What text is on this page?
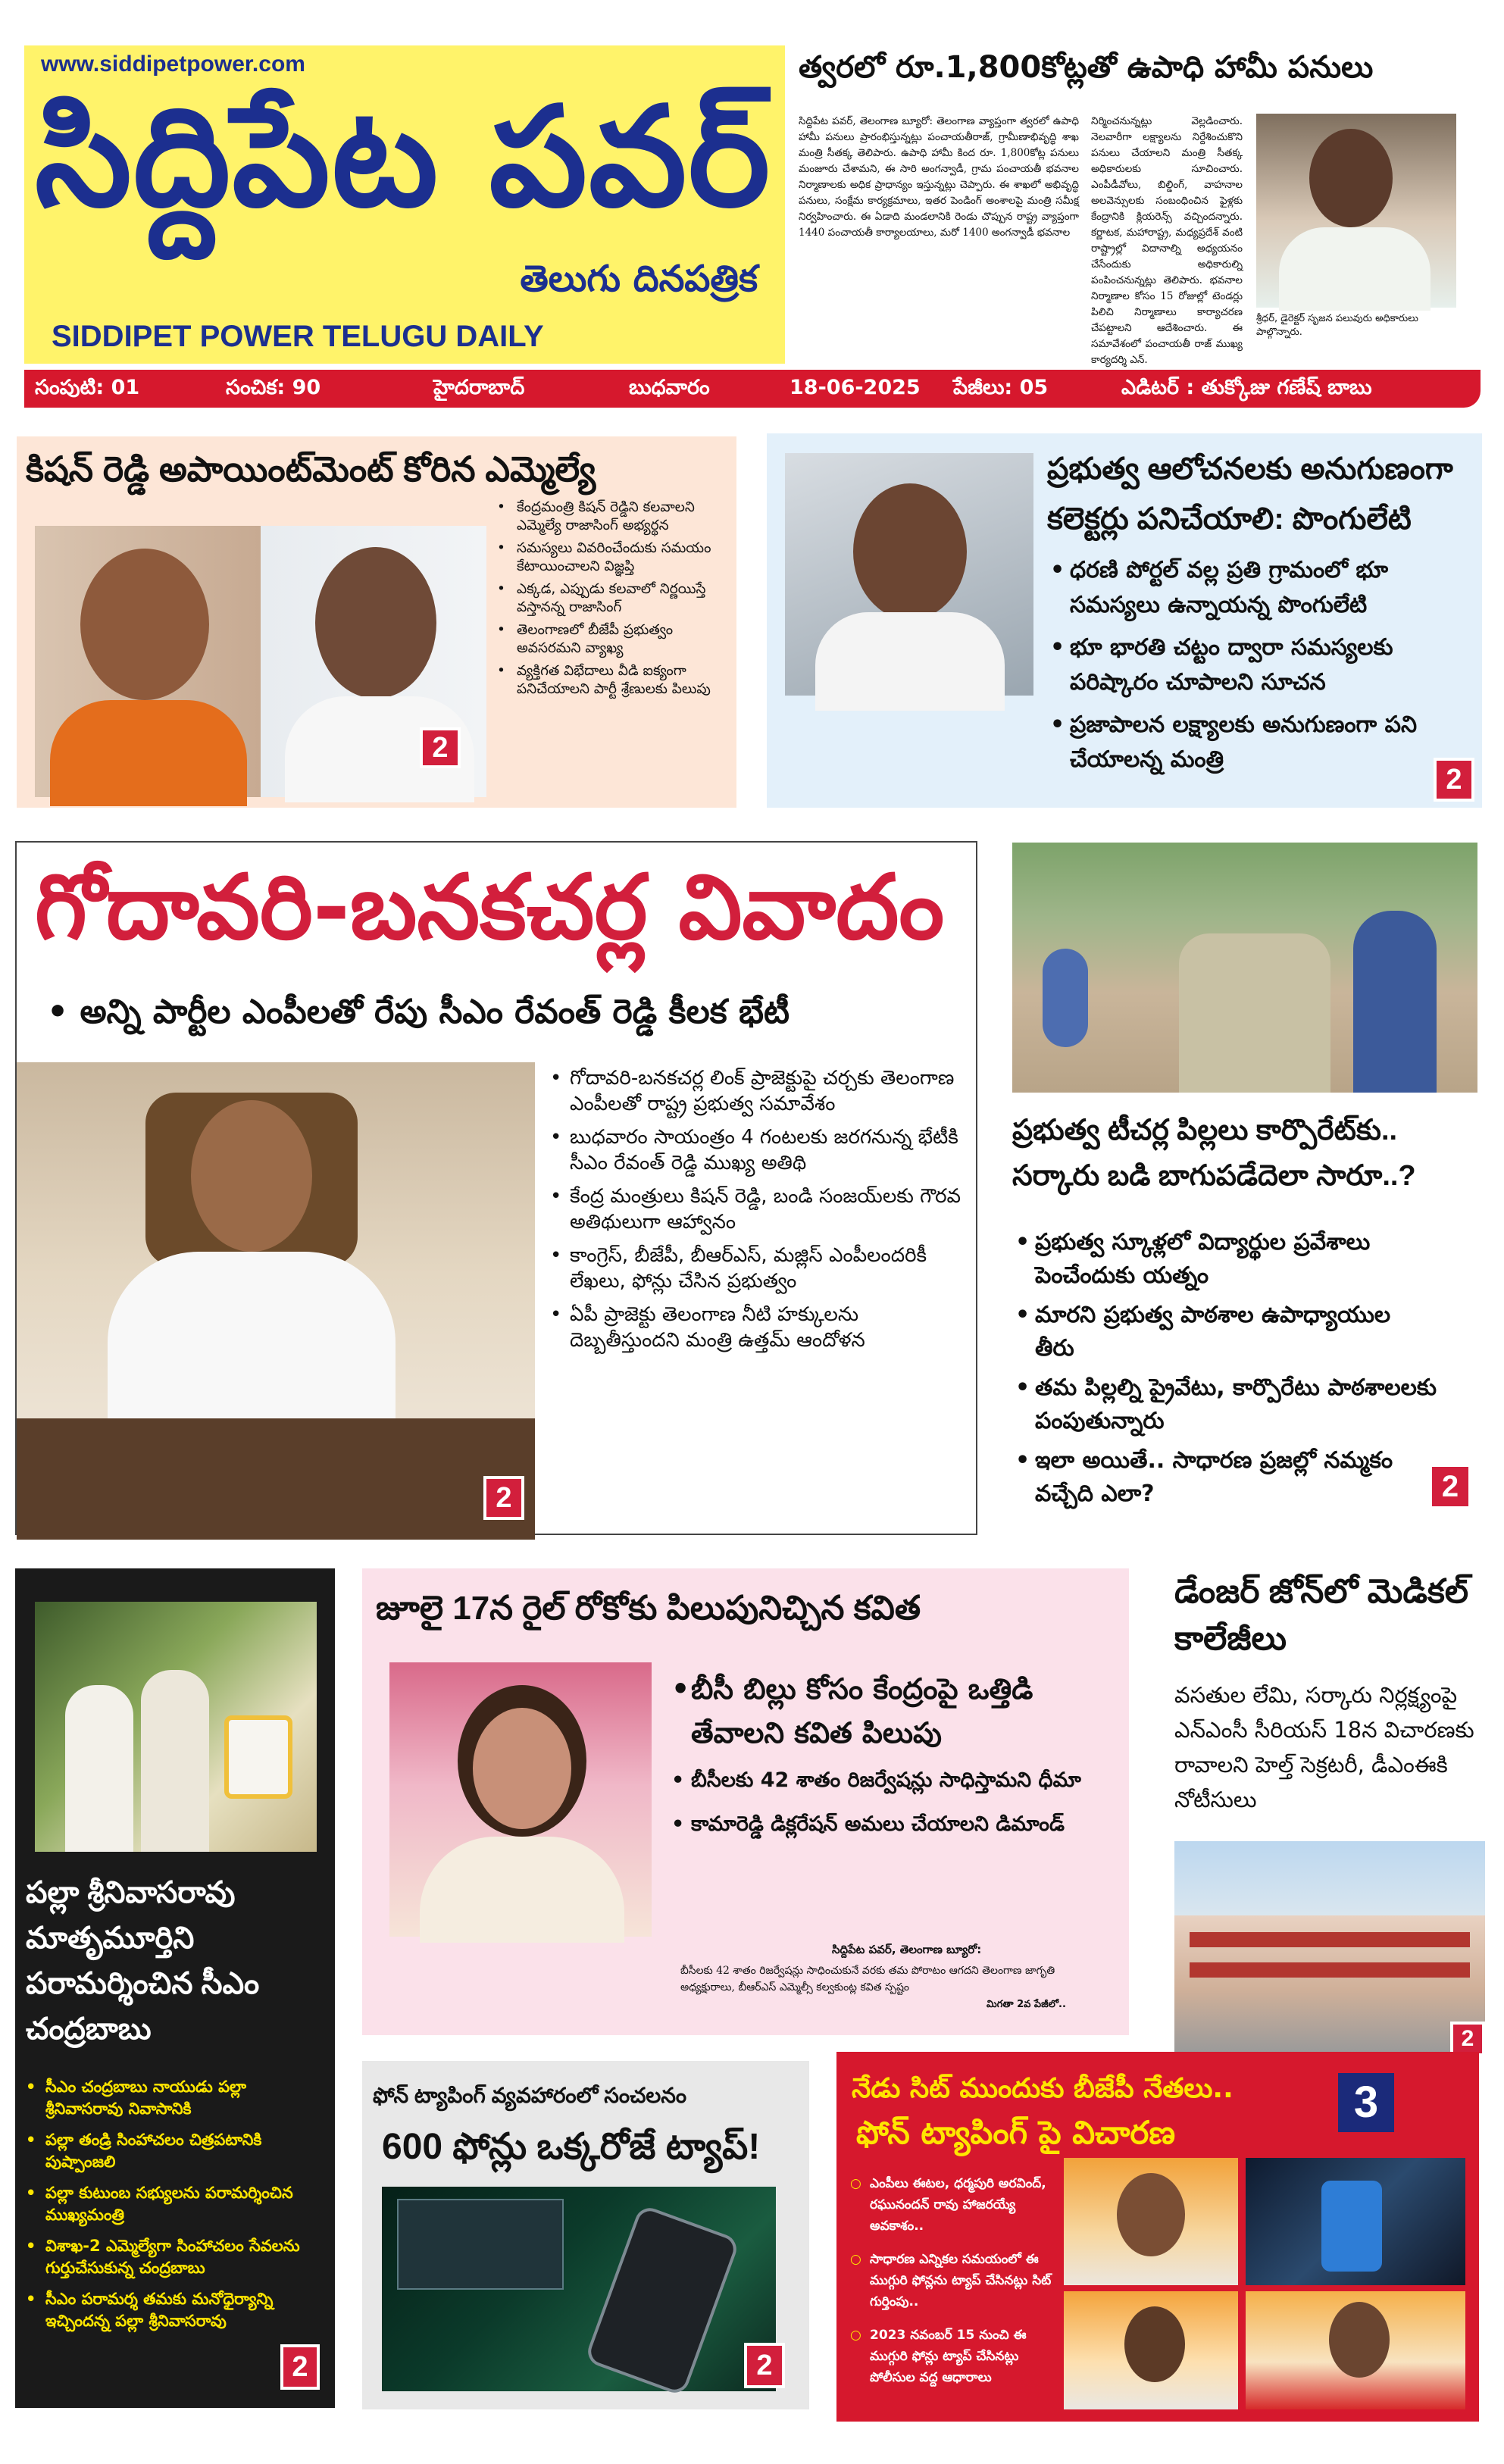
www.siddipetpower.com
సిద్దిపేట పవర్
తెలుగు దినపత్రిక
SIDDIPET POWER TELUGU DAILY
త్వరలో రూ.1,800కోట్లతో ఉపాధి హామీ పనులు
సిద్దిపేట పవర్, తెలంగాణ బ్యూరో: తెలంగాణ వ్యాప్తంగా త్వరలో ఉపాధి హామీ పనులు ప్రారంభిస్తున్నట్లు పంచాయతీరాజ్, గ్రామీణాభివృద్ధి శాఖ మంత్రి సీతక్క తెలిపారు. ఉపాధి హామీ కింద రూ. 1,800కోట్ల పనులు మంజూరు చేశామని, ఈ సారి అంగన్వాడీ, గ్రామ పంచాయతీ భవనాల నిర్మాణాలకు అధిక ప్రాధాన్యం ఇస్తున్నట్లు చెప్పారు. ఈ శాఖలో అభివృద్ధి పనులు, సంక్షేమ కార్యక్రమాలు, ఇతర పెండింగ్ అంశాలపై మంత్రి సమీక్ష నిర్వహించారు. ఈ ఏడాది మండలానికి రెండు చొప్పున రాష్ట్ర వ్యాప్తంగా 1440 పంచాయతీ కార్యాలయాలు, మరో 1400 అంగన్వాడీ భవనాల
నిర్మించనున్నట్లు వెల్లడించారు. నెలవారీగా లక్ష్యాలను నిర్దేశించుకొని పనులు చేయాలని మంత్రి సీతక్క అధికారులకు సూచించారు. ఎంపీడీవోలు, బిల్డింగ్, వాహనాల అలవెన్సులకు సంబంధించిన ఫైళ్లకు కేంద్రానికి క్లియరెన్స్ వచ్చిందన్నారు. కర్ణాటక, మహారాష్ట్ర, మధ్యప్రదేశ్ వంటి రాష్ట్రాల్లో విదానాల్ని అధ్యయనం చేసేందుకు అధికారుల్ని పంపించనున్నట్లు తెలిపారు. భవనాల నిర్మాణాల కోసం 15 రోజుల్లో టెండర్లు పిలిచి నిర్మాణాలు కార్యాచరణ చేపట్టాలని ఆదేశించారు. ఈ సమావేశంలో పంచాయతీ రాజ్ ముఖ్య కార్యదర్శి ఎన్.
శ్రీధర్, డైరెక్టర్ సృజన పలువురు అధికారులు పాల్గొన్నారు.
సంపుటి: 01	సంచిక: 90	హైదరాబాద్	బుధవారం	18-06-2025 పేజీలు: 05	ఎడిటర్ : తుక్కోజు గణేష్ బాబు
కిషన్ రెడ్డి అపాయింట్‌మెంట్ కోరిన ఎమ్మెల్యే
2
• కేంద్రమంత్రి కిషన్ రెడ్డిని కలవాలని ఎమ్మెల్యే రాజాసింగ్ అభ్యర్థన
• సమస్యలు వివరించేందుకు సమయం కేటాయించాలని విజ్ఞప్తి
• ఎక్కడ, ఎప్పుడు కలవాలో నిర్ణయిస్తే వస్తానన్న రాజాసింగ్
• తెలంగాణలో బీజేపీ ప్రభుత్వం అవసరమని వ్యాఖ్య
• వ్యక్తిగత విభేదాలు వీడి ఐక్యంగా పనిచేయాలని పార్టీ శ్రేణులకు పిలుపు
ప్రభుత్వ ఆలోచనలకు అనుగుణంగా కలెక్టర్లు పనిచేయాలి: పొంగులేటి
• ధరణి పోర్టల్ వల్ల ప్రతి గ్రామంలో భూ సమస్యలు ఉన్నాయన్న పొంగులేటి
• భూ భారతి చట్టం ద్వారా సమస్యలకు పరిష్కారం చూపాలని సూచన
• ప్రజాపాలన లక్ష్యాలకు అనుగుణంగా పని చేయాలన్న మంత్రి
2
గోదావరి-బనకచర్ల వివాదం
• అన్ని పార్టీల ఎంపీలతో రేపు సీఎం రేవంత్ రెడ్డి కీలక భేటీ
2
• గోదావరి-బనకచర్ల లింక్ ప్రాజెక్టుపై చర్చకు తెలంగాణ ఎంపీలతో రాష్ట్ర ప్రభుత్వ సమావేశం
• బుధవారం సాయంత్రం 4 గంటలకు జరగనున్న భేటీకి సీఎం రేవంత్ రెడ్డి ముఖ్య అతిథి
• కేంద్ర మంత్రులు కిషన్ రెడ్డి, బండి సంజయ్‌లకు గౌరవ అతిథులుగా ఆహ్వానం
• కాంగ్రెస్, బీజేపీ, బీఆర్ఎస్, మజ్లిస్ ఎంపీలందరికీ లేఖలు, ఫోన్లు చేసిన ప్రభుత్వం
• ఏపీ ప్రాజెక్టు తెలంగాణ నీటి హక్కులను దెబ్బతీస్తుందని మంత్రి ఉత్తమ్ ఆందోళన
ప్రభుత్వ టీచర్ల పిల్లలు కార్పొరేట్‌కు.. సర్కారు బడి బాగుపడేదెలా సారూ..?
• ప్రభుత్వ స్కూళ్లలో విద్యార్థుల ప్రవేశాలు పెంచేందుకు యత్నం
• మారని ప్రభుత్వ పాఠశాల ఉపాధ్యాయుల తీరు
• తమ పిల్లల్ని ప్రైవేటు, కార్పొరేటు పాఠశాలలకు పంపుతున్నారు
• ఇలా అయితే.. సాధారణ ప్రజల్లో నమ్మకం వచ్చేది ఎలా?	2
పల్లా శ్రీనివాసరావు మాతృమూర్తిని పరామర్శించిన సీఎం చంద్రబాబు
• సీఎం చంద్రబాబు నాయుడు పల్లా శ్రీనివాసరావు నివాసానికి
• పల్లా తండ్రి సింహాచలం చిత్రపటానికి పుష్పాంజలి
• పల్లా కుటుంబ సభ్యులను పరామర్శించిన ముఖ్యమంత్రి
• విశాఖ-2 ఎమ్మెల్యేగా సింహాచలం సేవలను గుర్తుచేసుకున్న చంద్రబాబు
• సీఎం పరామర్శ తమకు మనోధైర్యాన్ని ఇచ్చిందన్న పల్లా శ్రీనివాసరావు
2
జూలై 17న రైల్ రోకోకు పిలుపునిచ్చిన కవిత
• బీసీ బిల్లు కోసం కేంద్రంపై ఒత్తిడి తేవాలని కవిత పిలుపు
• బీసీలకు 42 శాతం రిజర్వేషన్లు సాధిస్తామని ధీమా
• కామారెడ్డి డిక్లరేషన్ అమలు చేయాలని డిమాండ్
సిద్దిపేట పవర్, తెలంగాణ బ్యూరో:
బీసీలకు 42 శాతం రిజర్వేషన్లు సాధించుకునే వరకు తమ పోరాటం ఆగదని తెలంగాణ జాగృతి అధ్యక్షురాలు, బీఆర్ఎస్ ఎమ్మెల్సీ కల్వకుంట్ల కవిత స్పష్టం
మిగతా 2వ పేజీలో..
డేంజర్ జోన్‌లో మెడికల్ కాలేజీలు
వసతుల లేమి, సర్కారు నిర్లక్ష్యంపై ఎన్ఎంసీ సీరియస్ 18న విచారణకు రావాలని హెల్త్ సెక్రటరీ, డీఎంఈకి నోటీసులు
2
ఫోన్ ట్యాపింగ్ వ్యవహారంలో సంచలనం
600 ఫోన్లు ఒక్కరోజే ట్యాప్!
2
నేడు సిట్ ముందుకు బీజేపీ నేతలు..
ఫోన్ ట్యాపింగ్ పై విచారణ
3
○ ఎంపీలు ఈటల, ధర్మపురి అరవింద్, రఘునందన్ రావు హాజరయ్యే అవకాశం..
○ సాధారణ ఎన్నికల సమయంలో ఈ ముగ్గురి ఫోన్లను ట్యాప్ చేసినట్లు సిట్ గుర్తింపు..
○ 2023 నవంబర్ 15 నుంచి ఈ ముగ్గురి ఫోన్లు ట్యాప్ చేసినట్లు పోలీసుల వద్ద ఆధారాలు
